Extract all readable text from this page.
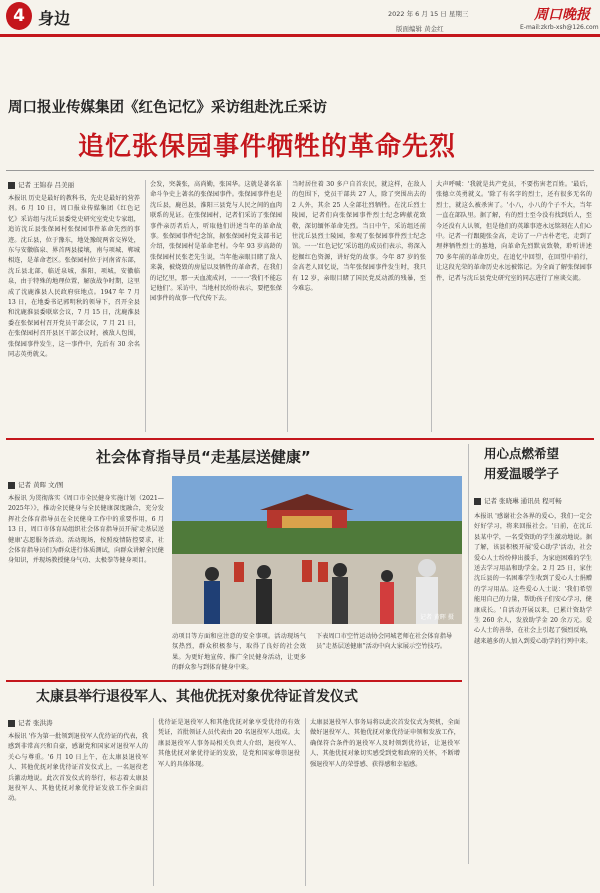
4 身边	2022 年 6 月 15 日 星期三
版面编辑 黄金红	E-mail:zkrb-xsh@126.com
周口晚报
周口报业传媒集团《红色记忆》采访组赴沈丘采访
追忆张保园事件牺牲的革命先烈
记者 王锦春 吕美丽
本报讯 历史是最好的教科书，先史是最好的营养剂。6 月 10 日，周口报业传媒集团《红色记忆》采访组与沈丘县委党史研究室党史专家组，追访沈丘县张保园村张保园事件革命先烈的事迹。沈丘县，位于豫东，地处豫皖两省交界处，东与安徽临泉、界首两县接壤，南与项城、郸城相连，是革命老区。张保园村位于河南省东部，沈丘县北部，临近泉城，淮阳，项城，安徽临泉，由于特殊的地理位置，解放战争时期，这里成了沈鹿淮县人民政府驻地点。1947 年 7 月 13 日，在地委书记郭明秋的领导下，召开全县和沈鹿淮县委联席会议，7 月 15 日，沈鹿淮县委在张保园村召开党员干部会议，7 月 21 日，在张保园村召开县区干部会议时，被敌人包围，张保园事件发生，这一事件中，先后有 30 余名同志英勇就义。
会发，突袭张，高尚勤，张国华。这就是著名革命斗争史上著名的张保园事件。张保园事件也是沈丘县，鹿邑县，淮阳三县党与人民之间的血肉联系的见证。在张保园村，记者们采访了张保园事件亲历者后人，听取他们讲述当年的革命故事。张保园事件纪念馆，据张保园村党支部书记介绍，张保园村是革命老村。今年 93 岁高龄的张保园村民张老先生说，当年他亲眼目睹了敌人来袭，被烧毁的房屋以及牺牲的革命者，在我们的记忆里，那一天血流成河，一一一'我们不能忘记他们'。采访中，当地村民纷纷表示，要把张保园事件的故事一代代传下去。
当时居住着 30 多户自首农民，就这样，在敌人的包围下，党员干部共 27 人，除了突围出去的 2 人外，其余 25 人全部壮烈牺牲。在沈丘烈士陵园，记者们向张保园事件烈士纪念碑献花致敬，深切缅怀革命先烈。当日中午，采访组还前往沈丘县烈士陵园，参观了张保园事件烈士纪念馆。一一'红色记忆'采访组的成员们表示，将深入挖掘红色资源，讲好党的故事。今年 87 岁的张金高老人回忆说，当年张保园事件发生时，我只有 12 岁，亲眼目睹了国民党反动派的残暴，至今难忘。
大声呼喊：'我就是共产党员，不要伤害老百姓。'最后，张德立英勇就义。'除了有名字的烈士，还有很多无名的烈士，就这么被杀害了。'小八，小八的个子不大，当年一直在部队里。据了解，有的烈士至今没有找到后人，至今还没有人认领，但是他们的英雄事迹永远铭刻在人们心中。记者一行跟随张金高，走访了一户古朴老宅，走到了埋葬牺牲烈士的墓地，向革命先烈默哀致敬，聆听讲述 70 多年前的革命历史，在追忆中回望，在回望中前行，让这段光荣的革命历史永远被铭记。为全面了解张保园事件，记者与沈丘县党史研究室的同志进行了座谈交流。
社会体育指导员“走基层送健康”
记者 黄晖 文/图
本报讯 为贯彻落实《周口市全民健身实施计划（2021—2025年）》，推动全民健身与全民健康深度融合，充分发挥社会体育指导员在全民健身工作中的重要作用，6 月 13 日，周口市体育局组织社会体育指导员开展'走基层送健康'志愿服务活动。活动现场，按照疫情防控要求，社会体育指导员们为群众进行体质测试，向群众讲解全民健身知识，并现场教授健身气功、太极拳等健身项目。
记者 黄晖 摄
动项目等方面和应注意的安全事项。活动现场气氛热烈，群众积极参与，取得了良好的社会效果。为更好地宣传、推广全民健身活动，让更多的群众参与到体育健身中来。
下表周口市空竹运动协会同城老师在社会体育指导员“走基层送健康”活动中向大家展示空竹技巧。
用心点燃希望
用爱温暖学子
记者 张晓琳 通讯员 程可畅
本报讯 '感谢社会各界的爱心，我们一定会好好学习，将来回报社会。'日前，在沈丘县某中学，一名受资助的学生激动地说。据了解，该县积极开展'爱心助学'活动，社会爱心人士纷纷伸出援手，为家庭困难的学生送去学习用品和助学金。2 月 25 日，家住沈丘县的一名困难学生收到了爱心人士捐赠的学习用品。这些爱心人士说：'我们希望能用自己的力量，帮助孩子们安心学习，健康成长。'自活动开展以来，已累计资助学生 260 余人，发放助学金 20 余万元。爱心人士的善举，在社会上引起了强烈反响，越来越多的人加入到爱心助学的行列中来。
太康县举行退役军人、其他优抚对象优待证首发仪式
记者 张洪涛
本报讯 '作为第一批领到退役军人优待证的代表，我感到非常高兴和自豪，感谢党和国家对退役军人的关心与尊重。'6 月 10 日上午，在太康县退役军人、其他优抚对象优待证首发仪式上，一名退役老兵激动地说。此次首发仪式的举行，标志着太康县退役军人、其他优抚对象优待证发放工作全面启动。
优待证是退役军人和其他优抚对象享受优待的有效凭证，首批领证人员代表由 20 名退役军人组成。太康县退役军人事务局相关负责人介绍，退役军人、其他优抚对象优待证的发放，是党和国家尊崇退役军人的具体体现。
太康县退役军人事务局将以此次首发仪式为契机，全面做好退役军人、其他优抚对象优待证申领和发放工作，确保符合条件的退役军人及时领到优待证，让退役军人、其他优抚对象切实感受到党和政府的关怀，不断增强退役军人的荣誉感、获得感和幸福感。
